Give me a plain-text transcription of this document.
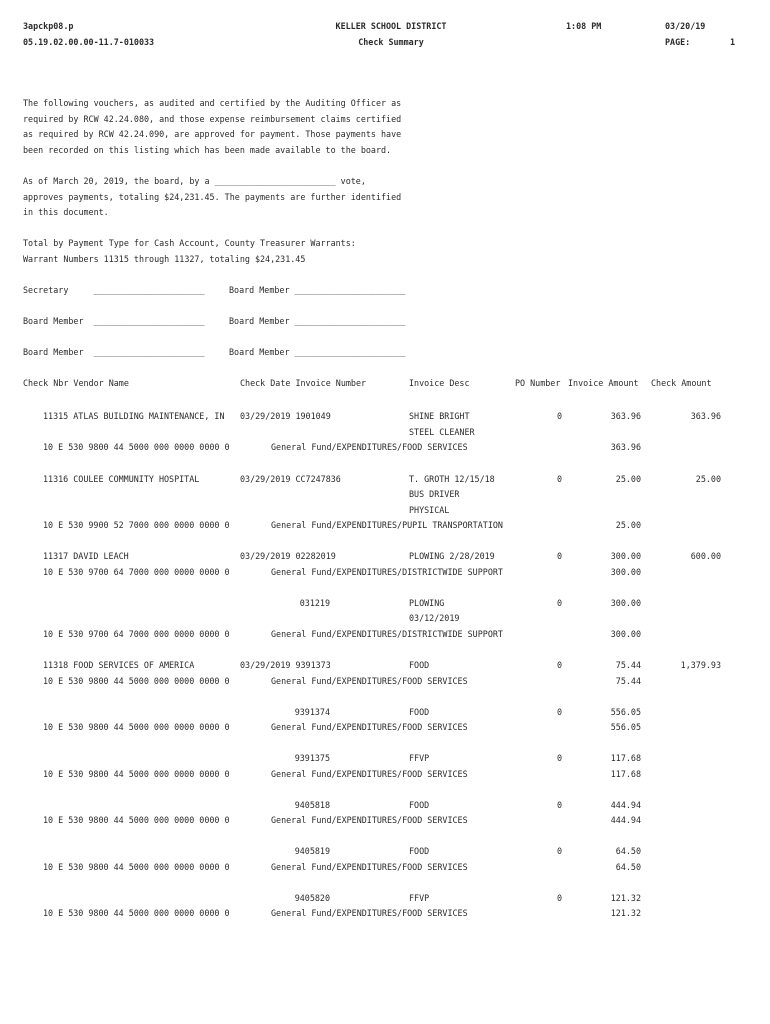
3apckp08.p
05.19.02.00.00-11.7-010033
KELLER SCHOOL DISTRICT
Check Summary
1:08 PM	03/20/19
PAGE:	1
The following vouchers, as audited and certified by the Auditing Officer as
required by RCW 42.24.080, and those expense reimbursement claims certified
as required by RCW 42.24.090, are approved for payment. Those payments have
been recorded on this listing which has been made available to the board.
As of March 20, 2019, the board, by a ________________________ vote,
approves payments, totaling $24,231.45. The payments are further identified
in this document.
Total by Payment Type for Cash Account, County Treasurer Warrants:
Warrant Numbers 11315 through 11327, totaling $24,231.45
Secretary     ______________________	Board Member ______________________
Board Member  ______________________	Board Member ______________________
Board Member  ______________________	Board Member ______________________
Check Nbr Vendor Name	Check Date Invoice Number	Invoice Desc	PO Number Invoice Amount Check Amount
11315 ATLAS BUILDING MAINTENANCE, IN 03/29/2019 1901049	SHINE BRIGHT	0	363.96	363.96
STEEL CLEANER
10 E 530 9800 44 5000 000 0000 0000 0	General Fund/EXPENDITURES/FOOD SERVICES	363.96
11316 COULEE COMMUNITY HOSPITAL	03/29/2019 CC7247836	T. GROTH 12/15/18	0	25.00	25.00
BUS DRIVER
PHYSICAL
10 E 530 9900 52 7000 000 0000 0000 0	General Fund/EXPENDITURES/PUPIL TRANSPORTATION	25.00
11317 DAVID LEACH	03/29/2019 02282019	PLOWING 2/28/2019	0	300.00	600.00
10 E 530 9700 64 7000 000 0000 0000 0	General Fund/EXPENDITURES/DISTRICTWIDE SUPPORT	300.00
031219	PLOWING	0	300.00
03/12/2019
10 E 530 9700 64 7000 000 0000 0000 0	General Fund/EXPENDITURES/DISTRICTWIDE SUPPORT	300.00
11318 FOOD SERVICES OF AMERICA	03/29/2019 9391373	FOOD	0	75.44	1,379.93
10 E 530 9800 44 5000 000 0000 0000 0	General Fund/EXPENDITURES/FOOD SERVICES	75.44
9391374	FOOD	0	556.05
10 E 530 9800 44 5000 000 0000 0000 0	General Fund/EXPENDITURES/FOOD SERVICES	556.05
9391375	FFVP	0	117.68
10 E 530 9800 44 5000 000 0000 0000 0	General Fund/EXPENDITURES/FOOD SERVICES	117.68
9405818	FOOD	0	444.94
10 E 530 9800 44 5000 000 0000 0000 0	General Fund/EXPENDITURES/FOOD SERVICES	444.94
9405819	FOOD	0	64.50
10 E 530 9800 44 5000 000 0000 0000 0	General Fund/EXPENDITURES/FOOD SERVICES	64.50
9405820	FFVP	0	121.32
10 E 530 9800 44 5000 000 0000 0000 0	General Fund/EXPENDITURES/FOOD SERVICES	121.32
